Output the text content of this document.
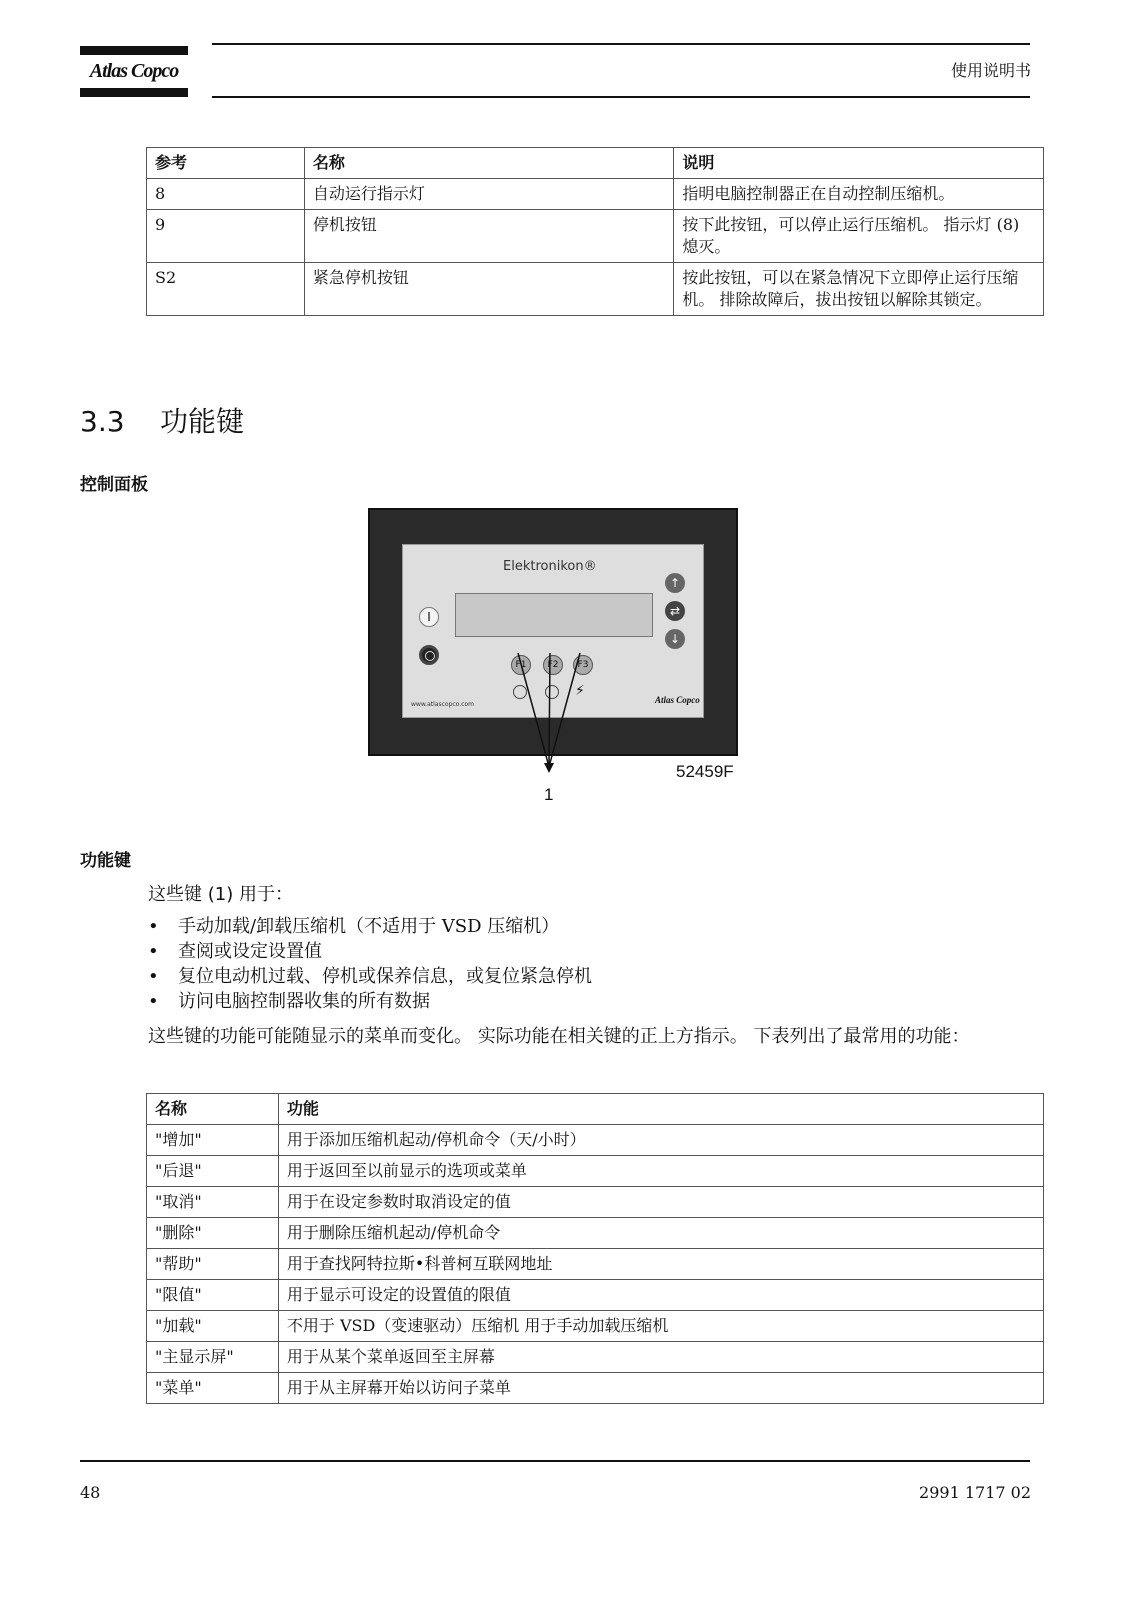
Atlas Copco	使用说明书
参考	名称	说明
8	自动运行指示灯	指明电脑控制器正在自动控制压缩机。
9	停机按钮	按下此按钮，可以停止运行压缩机。 指示灯 (8) 熄灭。
S2	紧急停机按钮	按此按钮，可以在紧急情况下立即停止运行压缩机。 排除故障后，拔出按钮以解除其锁定。
3.3 功能键
控制面板
Elektronikon®
I
F1	F2	F3
⚡
↑
⇄
↓
www.atlascopco.com	Atlas Copco
52459F
1
功能键
这些键 (1) 用于：
• 手动加载/卸载压缩机（不适用于 VSD 压缩机）
• 查阅或设定设置值
• 复位电动机过载、停机或保养信息，或复位紧急停机
• 访问电脑控制器收集的所有数据
这些键的功能可能随显示的菜单而变化。 实际功能在相关键的正上方指示。 下表列出了最常用的功能：
名称	功能
"增加"	用于添加压缩机起动/停机命令（天/小时）
"后退"	用于返回至以前显示的选项或菜单
"取消"	用于在设定参数时取消设定的值
"删除"	用于删除压缩机起动/停机命令
"帮助"	用于查找阿特拉斯•科普柯互联网地址
"限值"	用于显示可设定的设置值的限值
"加载"	不用于 VSD（变速驱动）压缩机 用于手动加载压缩机
"主显示屏"	用于从某个菜单返回至主屏幕
"菜单"	用于从主屏幕开始以访问子菜单
48	2991 1717 02
